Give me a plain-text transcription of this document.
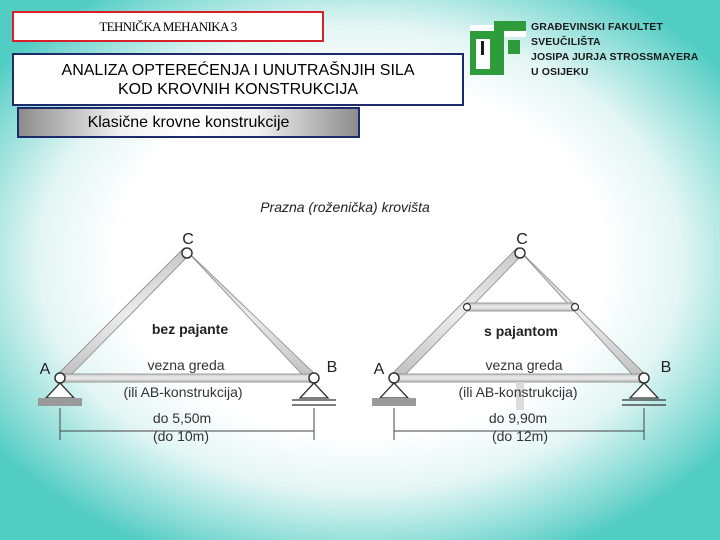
TEHNIČKA MEHANIKA 3
ANALIZA OPTEREĆENJA I UNUTRAŠNJIH SILA
KOD KROVNIH KONSTRUKCIJA
Klasične krovne konstrukcije
GRAĐEVINSKI FAKULTET
SVEUČILIŠTA
JOSIPA JURJA STROSSMAYERA
U OSIJEKU
Prazna (roženička) krovišta
C
A	B
bez pajante
vezna greda
(ili AB-konstrukcija)
do 5,50m
(do 10m)
C
A	B
s pajantom
vezna greda
(ili AB-konstrukcija)
do 9,90m
(do 12m)
